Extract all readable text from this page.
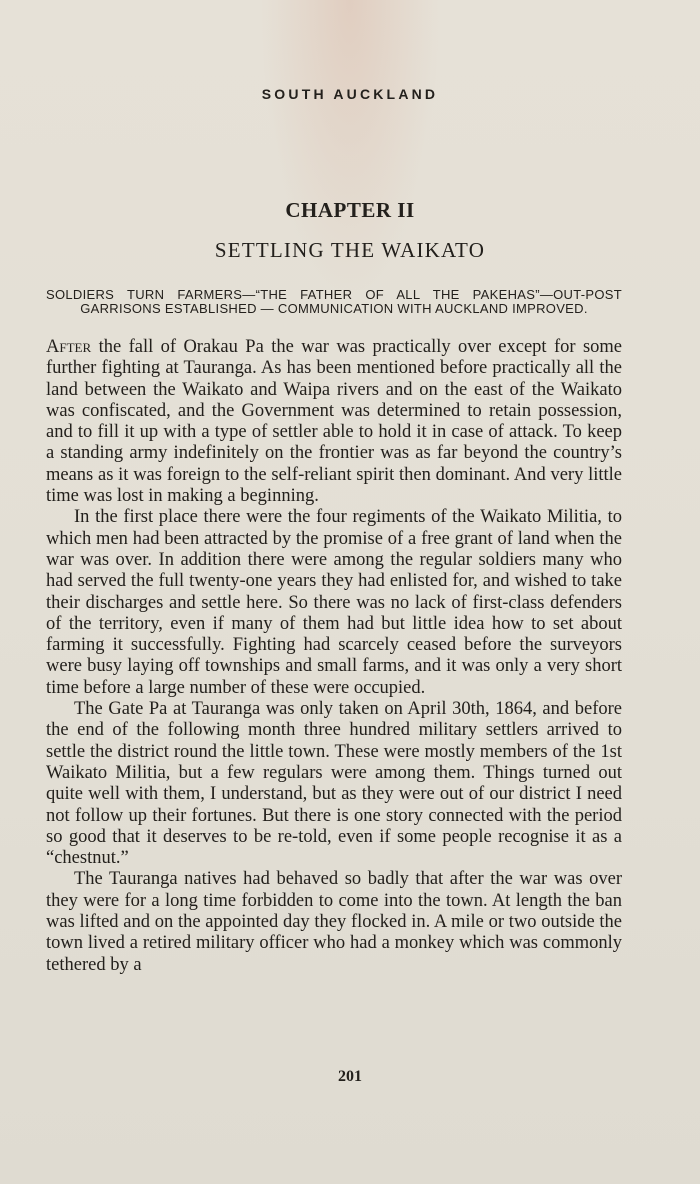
SOUTH AUCKLAND
CHAPTER II
SETTLING THE WAIKATO
SOLDIERS TURN FARMERS—“THE FATHER OF ALL THE PAKEHAS”—OUT-POST GARRISONS ESTABLISHED — COMMUNICATION WITH AUCKLAND IMPROVED.

After the fall of Orakau Pa the war was practically over except for some further fighting at Tauranga. As has been mentioned before practically all the land between the Waikato and Waipa rivers and on the east of the Waikato was confiscated, and the Government was determined to retain possession, and to fill it up with a type of settler able to hold it in case of attack. To keep a standing army indefinitely on the frontier was as far beyond the country’s means as it was foreign to the self-reliant spirit then dominant. And very little time was lost in making a beginning.

In the first place there were the four regiments of the Waikato Militia, to which men had been attracted by the promise of a free grant of land when the war was over. In addition there were among the regular soldiers many who had served the full twenty-one years they had enlisted for, and wished to take their discharges and settle here. So there was no lack of first-class defenders of the territory, even if many of them had but little idea how to set about farming it successfully. Fighting had scarcely ceased before the surveyors were busy laying off townships and small farms, and it was only a very short time before a large number of these were occupied.

The Gate Pa at Tauranga was only taken on April 30th, 1864, and before the end of the following month three hundred military settlers arrived to settle the district round the little town. These were mostly members of the 1st Waikato Militia, but a few regulars were among them. Things turned out quite well with them, I understand, but as they were out of our district I need not follow up their fortunes. But there is one story connected with the period so good that it deserves to be re-told, even if some people recognise it as a “chestnut.”

The Tauranga natives had behaved so badly that after the war was over they were for a long time forbidden to come into the town. At length the ban was lifted and on the appointed day they flocked in. A mile or two outside the town lived a retired military officer who had a monkey which was commonly tethered by a

201
